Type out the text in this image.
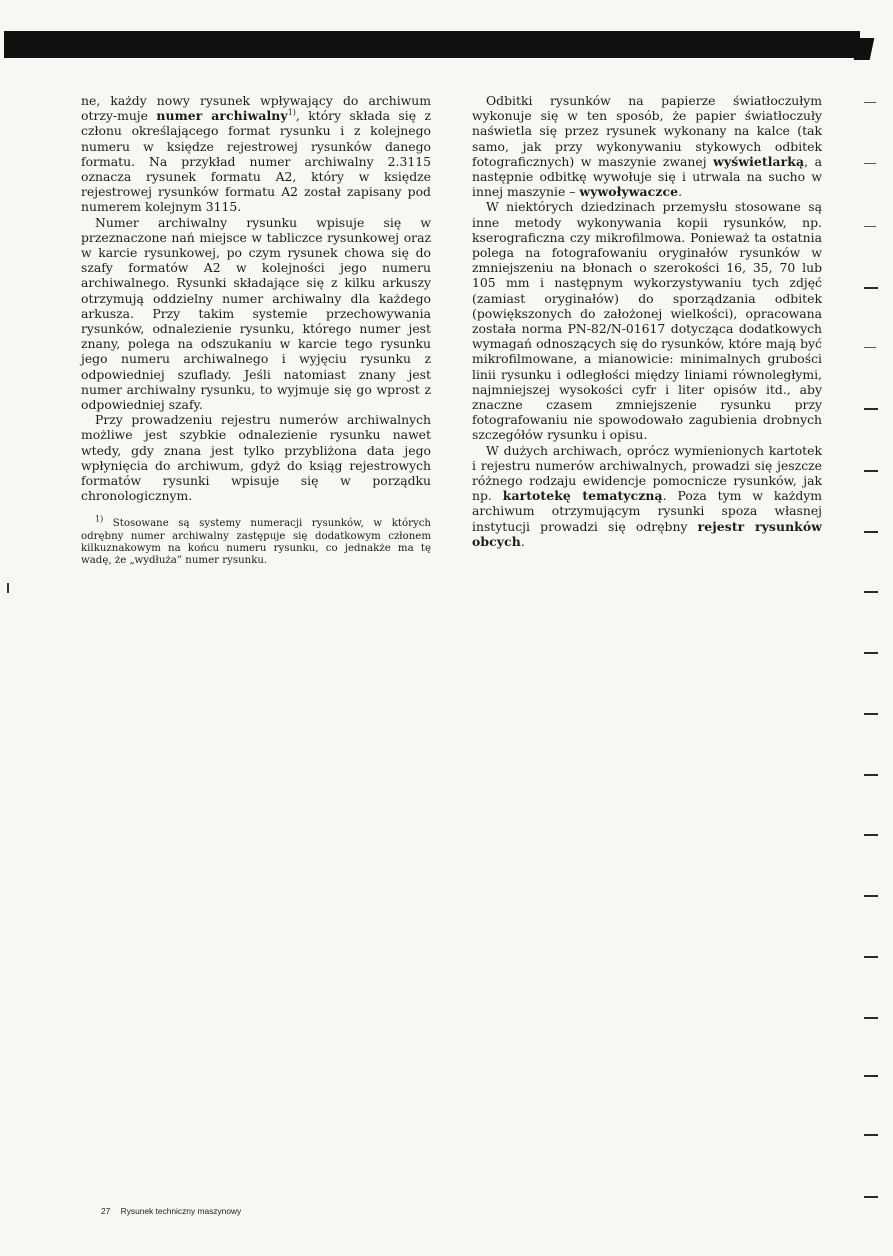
ne, każdy nowy rysunek wpływający do archiwum otrzy-muje numer archiwalny$^{1)}$, który składa się z członu określającego format rysunku i z kolejnego numeru w księdze rejestrowej rysunków danego formatu. Na przykład numer archiwalny 2.3115 oznacza rysunek formatu A2, który w księdze rejestrowej rysunków formatu A2 został zapisany pod numerem kolejnym 3115.

Numer archiwalny rysunku wpisuje się w przeznaczone nań miejsce w tabliczce rysunkowej oraz w karcie rysunkowej, po czym rysunek chowa się do szafy formatów A2 w kolejności jego numeru archiwalnego. Rysunki składające się z kilku arkuszy otrzymują oddzielny numer archiwalny dla każdego arkusza. Przy takim systemie przechowywania rysunków, odnalezienie rysunku, którego numer jest znany, polega na odszukaniu w karcie tego rysunku jego numeru archiwalnego i wyjęciu rysunku z odpowiedniej szuflady. Jeśli natomiast znany jest numer archiwalny rysunku, to wyjmuje się go wprost z odpowiedniej szafy.

Przy prowadzeniu rejestru numerów archiwalnych możliwe jest szybkie odnalezienie rysunku nawet wtedy, gdy znana jest tylko przybliżona data jego wpłynięcia do archiwum, gdyż do ksiąg rejestrowych formatów rysunki wpisuje się w porządku chronologicznym.

$^{1)}$ Stosowane są systemy numeracji rysunków, w których odrębny numer archiwalny zastępuje się dodatkowym członem kilkuznakowym na końcu numeru rysunku, co jednakże ma tę wadę, że „wydłuża” numer rysunku.

Odbitki rysunków na papierze światłoczułym wykonuje się w ten sposób, że papier światłoczuły naświetla się przez rysunek wykonany na kalce (tak samo, jak przy wykonywaniu stykowych odbitek fotograficznych) w maszynie zwanej wyświetlarką, a następnie odbitkę wywołuje się i utrwala na sucho w innej maszynie – wywoływaczce.

W niektórych dziedzinach przemysłu stosowane są inne metody wykonywania kopii rysunków, np. kserograficzna czy mikrofilmowa. Ponieważ ta ostatnia polega na fotografowaniu oryginałów rysunków w zmniejszeniu na błonach o szerokości 16, 35, 70 lub 105 mm i następnym wykorzystywaniu tych zdjęć (zamiast oryginałów) do sporządzania odbitek (powiększonych do założonej wielkości), opracowana została norma PN-82/N-01617 dotycząca dodatkowych wymagań odnoszących się do rysunków, które mają być mikrofilmowane, a mianowicie: minimalnych grubości linii rysunku i odległości między liniami równoległymi, najmniejszej wysokości cyfr i liter opisów itd., aby znaczne czasem zmniejszenie rysunku przy fotografowaniu nie spowodowało zagubienia drobnych szczegółów rysunku i opisu.

W dużych archiwach, oprócz wymienionych kartotek i rejestru numerów archiwalnych, prowadzi się jeszcze różnego rodzaju ewidencje pomocnicze rysunków, jak np. kartotekę tematyczną. Poza tym w każdym archiwum otrzymującym rysunki spoza własnej instytucji prowadzi się odrębny rejestr rysunków obcych.

27 Rysunek techniczny maszynowy
